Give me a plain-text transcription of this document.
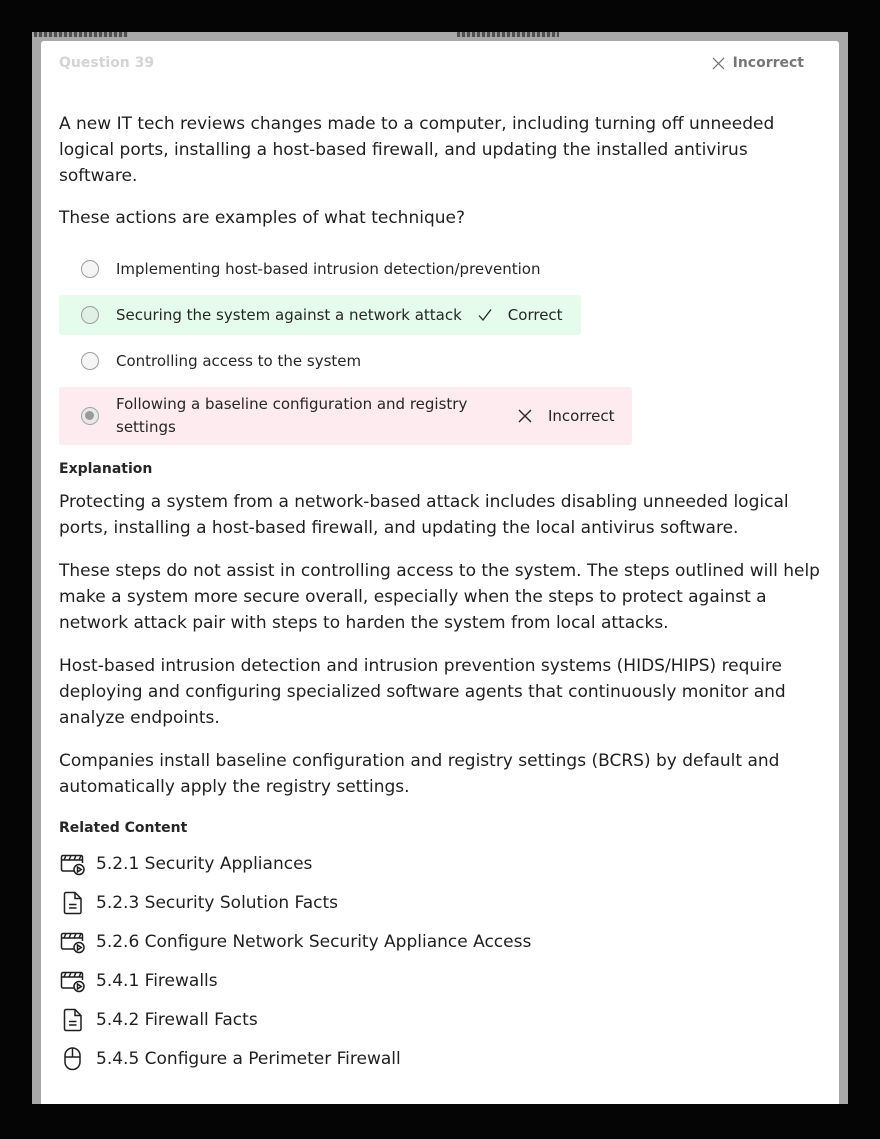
Question 39	Incorrect

A new IT tech reviews changes made to a computer, including turning off unneeded logical ports, installing a host-based firewall, and updating the installed antivirus software.

These actions are examples of what technique?

Implementing host-based intrusion detection/prevention
Securing the system against a network attack	Correct
Controlling access to the system
Following a baseline configuration and registry settings
Incorrect
Explanation

Protecting a system from a network-based attack includes disabling unneeded logical ports, installing a host-based firewall, and updating the local antivirus software.

These steps do not assist in controlling access to the system. The steps outlined will help make a system more secure overall, especially when the steps to protect against a network attack pair with steps to harden the system from local attacks.

Host-based intrusion detection and intrusion prevention systems (HIDS/HIPS) require deploying and configuring specialized software agents that continuously monitor and analyze endpoints.

Companies install baseline configuration and registry settings (BCRS) by default and automatically apply the registry settings.

Related Content
5.2.1 Security Appliances
5.2.3 Security Solution Facts
5.2.6 Configure Network Security Appliance Access
5.4.1 Firewalls
5.4.2 Firewall Facts
5.4.5 Configure a Perimeter Firewall
